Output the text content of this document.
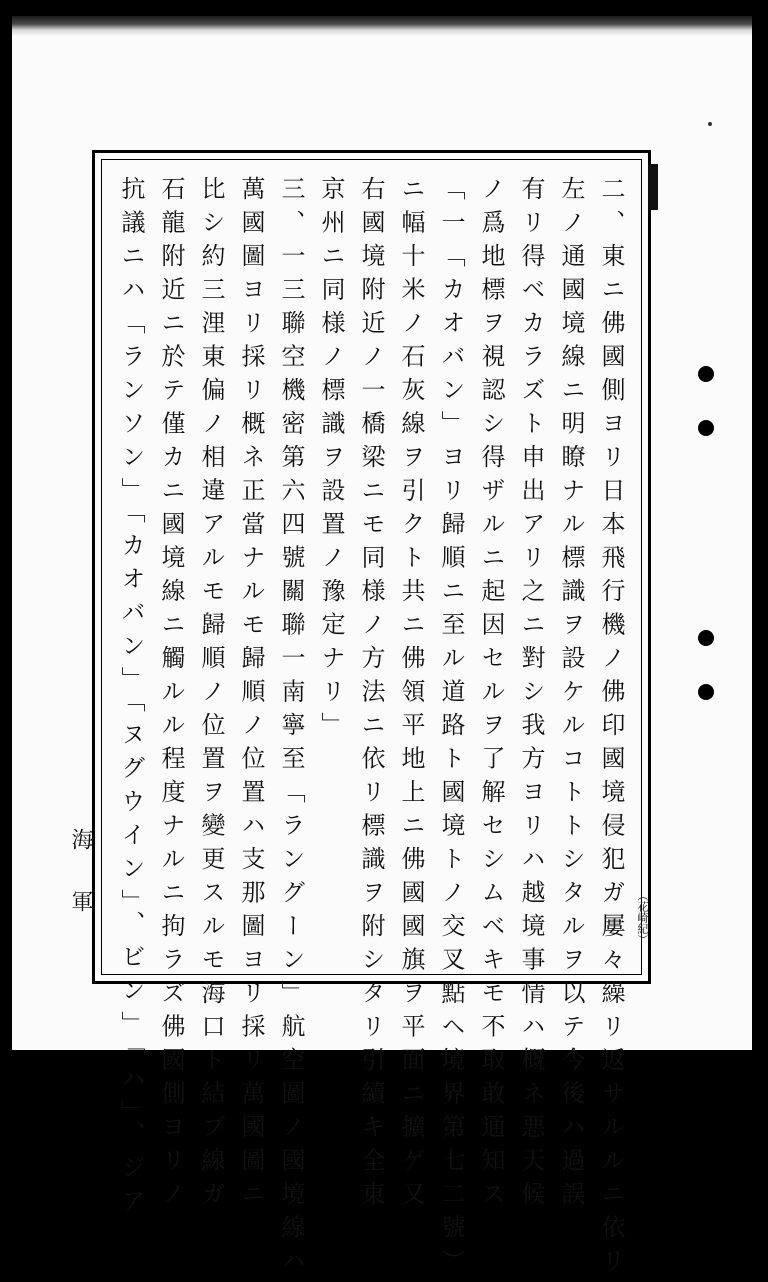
二、東ニ佛國側ヨリ日本飛行機ノ佛印國境侵犯ガ屢々繰リ返サルルニ依リ
左ノ通國境線ニ明瞭ナル標識ヲ設ケルコトトシタルヲ以テ今後ハ過誤
有リ得ベカラズト申出アリ之ニ對シ我方ヨリハ越境事情ハ概ネ悪天候
ノ爲地標ヲ視認シ得ザルニ起因セルヲ了解セシムベキモ不取敢通知ス
「一「カオバン」ヨリ歸順ニ至ル道路ト國境トノ交叉點ヘ境界第七二號）
ニ幅十米ノ石灰線ヲ引クト共ニ佛領平地上ニ佛國國旗ヲ平面ニ擴ゲ又
右國境附近ノ一橋梁ニモ同様ノ方法ニ依リ標識ヲ附シタリ引續キ全東
京州ニ同様ノ標識ヲ設置ノ豫定ナリ」
三、一三聯空機密第六四號關聯一南寧至「ラングーン」航空圖ノ國境線ハ
萬國圖ヨリ採リ概ネ正當ナルモ歸順ノ位置ハ支那圖ヨリ採リ萬國圖ニ
比シ約三浬東偏ノ相違アルモ歸順ノ位置ヲ變更スルモ海口ト結ブ線ガ
石龍附近ニ於テ僅カニ國境線ニ觸ルル程度ナルニ拘ラズ佛國側ヨリノ
抗議ニハ「ランソン」「カオバン」「ヌグウイン」、ビン」「ハ」、ジア
海軍	（花崎紀）
